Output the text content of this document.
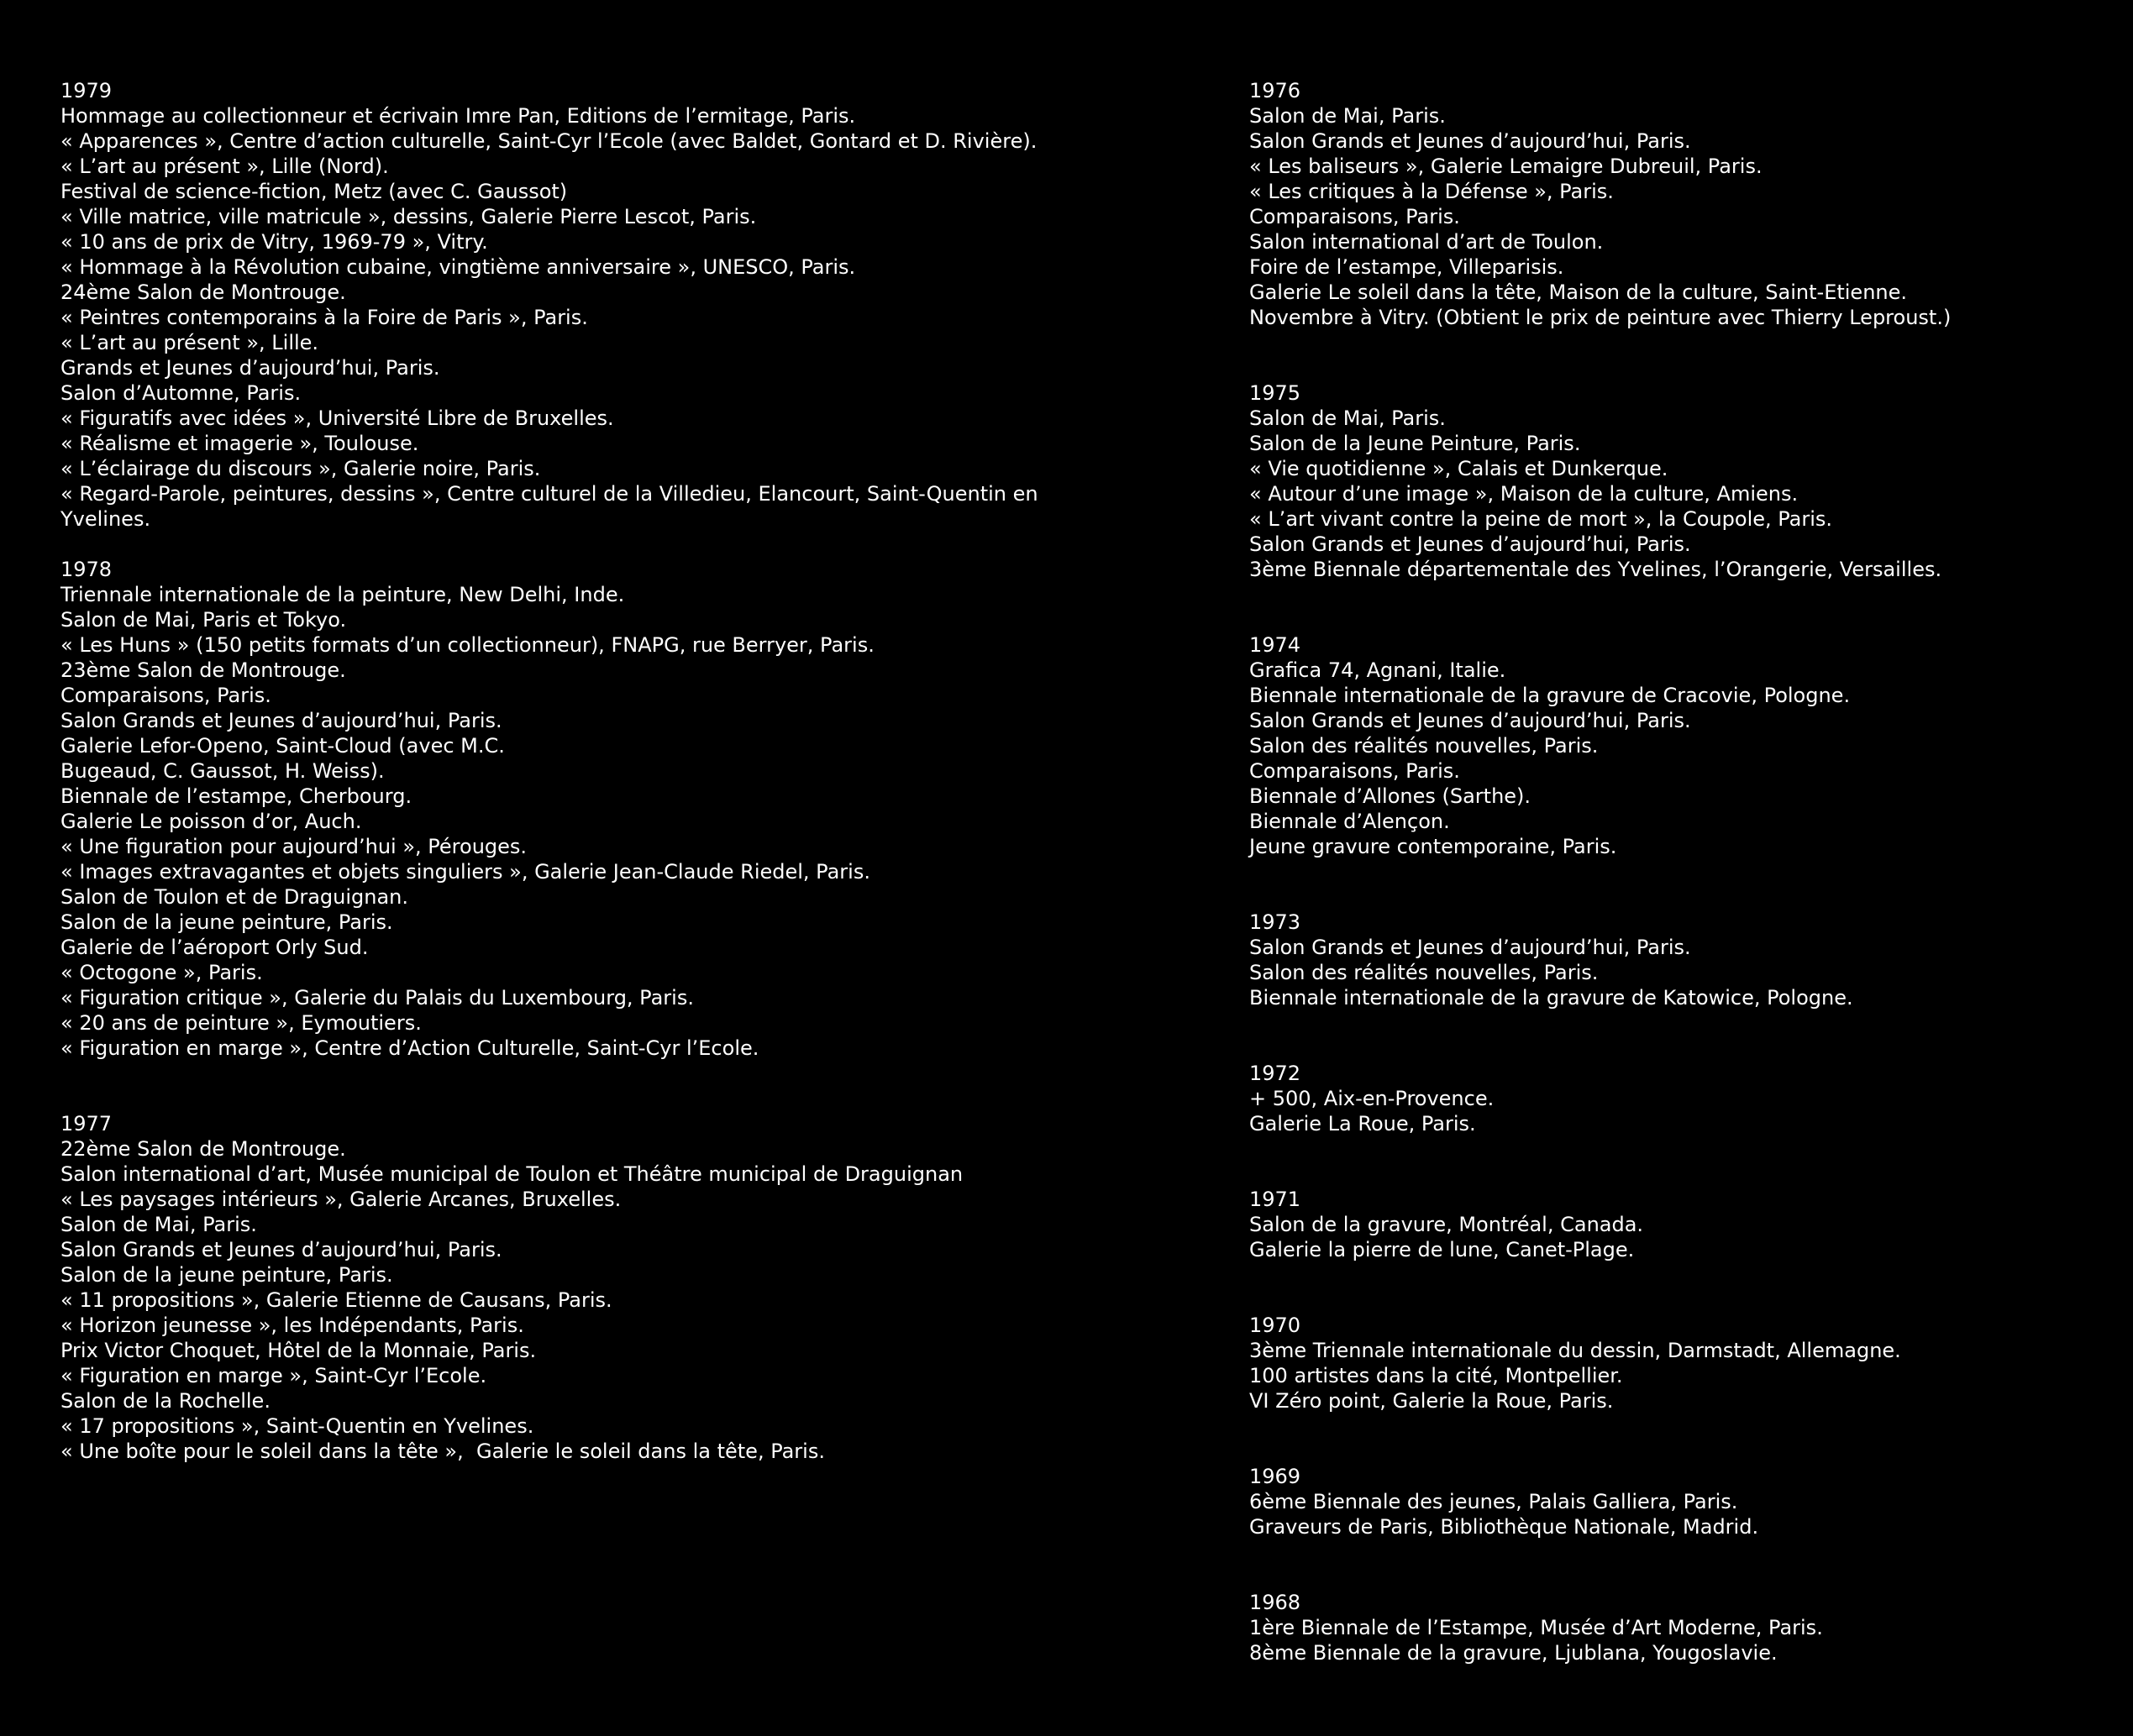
1979
Hommage au collectionneur et écrivain Imre Pan, Editions de l’ermitage, Paris.
« Apparences », Centre d’action culturelle, Saint-Cyr l’Ecole (avec Baldet, Gontard et D. Rivière).
« L’art au présent », Lille (Nord).
Festival de science-fiction, Metz (avec C. Gaussot)
« Ville matrice, ville matricule », dessins, Galerie Pierre Lescot, Paris.
« 10 ans de prix de Vitry, 1969-79 », Vitry.
« Hommage à la Révolution cubaine, vingtième anniversaire », UNESCO, Paris.
24ème Salon de Montrouge.
« Peintres contemporains à la Foire de Paris », Paris.
« L’art au présent », Lille.
Grands et Jeunes d’aujourd’hui, Paris.
Salon d’Automne, Paris.
« Figuratifs avec idées », Université Libre de Bruxelles.
« Réalisme et imagerie », Toulouse.
« L’éclairage du discours », Galerie noire, Paris.
« Regard-Parole, peintures, dessins », Centre culturel de la Villedieu, Elancourt, Saint-Quentin en
Yvelines.
1978
Triennale internationale de la peinture, New Delhi, Inde.
Salon de Mai, Paris et Tokyo.
« Les Huns » (150 petits formats d’un collectionneur), FNAPG, rue Berryer, Paris.
23ème Salon de Montrouge.
Comparaisons, Paris.
Salon Grands et Jeunes d’aujourd’hui, Paris.
Galerie Lefor-Openo, Saint-Cloud (avec M.C.
Bugeaud, C. Gaussot, H. Weiss).
Biennale de l’estampe, Cherbourg.
Galerie Le poisson d’or, Auch.
« Une figuration pour aujourd’hui », Pérouges.
« Images extravagantes et objets singuliers », Galerie Jean-Claude Riedel, Paris.
Salon de Toulon et de Draguignan.
Salon de la jeune peinture, Paris.
Galerie de l’aéroport Orly Sud.
« Octogone », Paris.
« Figuration critique », Galerie du Palais du Luxembourg, Paris.
« 20 ans de peinture », Eymoutiers.
« Figuration en marge », Centre d’Action Culturelle, Saint-Cyr l’Ecole.
1977
22ème Salon de Montrouge.
Salon international d’art, Musée municipal de Toulon et Théâtre municipal de Draguignan
« Les paysages intérieurs », Galerie Arcanes, Bruxelles.
Salon de Mai, Paris.
Salon Grands et Jeunes d’aujourd’hui, Paris.
Salon de la jeune peinture, Paris.
« 11 propositions », Galerie Etienne de Causans, Paris.
« Horizon jeunesse », les Indépendants, Paris.
Prix Victor Choquet, Hôtel de la Monnaie, Paris.
« Figuration en marge », Saint-Cyr l’Ecole.
Salon de la Rochelle.
« 17 propositions », Saint-Quentin en Yvelines.
« Une boîte pour le soleil dans la tête »,  Galerie le soleil dans la tête, Paris.
1976
Salon de Mai, Paris.
Salon Grands et Jeunes d’aujourd’hui, Paris.
« Les baliseurs », Galerie Lemaigre Dubreuil, Paris.
« Les critiques à la Défense », Paris.
Comparaisons, Paris.
Salon international d’art de Toulon.
Foire de l’estampe, Villeparisis.
Galerie Le soleil dans la tête, Maison de la culture, Saint-Etienne.
Novembre à Vitry. (Obtient le prix de peinture avec Thierry Leproust.)
1975
Salon de Mai, Paris.
Salon de la Jeune Peinture, Paris.
« Vie quotidienne », Calais et Dunkerque.
« Autour d’une image », Maison de la culture, Amiens.
« L’art vivant contre la peine de mort », la Coupole, Paris.
Salon Grands et Jeunes d’aujourd’hui, Paris.
3ème Biennale départementale des Yvelines, l’Orangerie, Versailles.
1974
Grafica 74, Agnani, Italie.
Biennale internationale de la gravure de Cracovie, Pologne.
Salon Grands et Jeunes d’aujourd’hui, Paris.
Salon des réalités nouvelles, Paris.
Comparaisons, Paris.
Biennale d’Allones (Sarthe).
Biennale d’Alençon.
Jeune gravure contemporaine, Paris.
1973
Salon Grands et Jeunes d’aujourd’hui, Paris.
Salon des réalités nouvelles, Paris.
Biennale internationale de la gravure de Katowice, Pologne.
1972
+ 500, Aix-en-Provence.
Galerie La Roue, Paris.
1971
Salon de la gravure, Montréal, Canada.
Galerie la pierre de lune, Canet-Plage.
1970
3ème Triennale internationale du dessin, Darmstadt, Allemagne.
100 artistes dans la cité, Montpellier.
VI Zéro point, Galerie la Roue, Paris.
1969
6ème Biennale des jeunes, Palais Galliera, Paris.
Graveurs de Paris, Bibliothèque Nationale, Madrid.
1968
1ère Biennale de l’Estampe, Musée d’Art Moderne, Paris.
8ème Biennale de la gravure, Ljublana, Yougoslavie.
